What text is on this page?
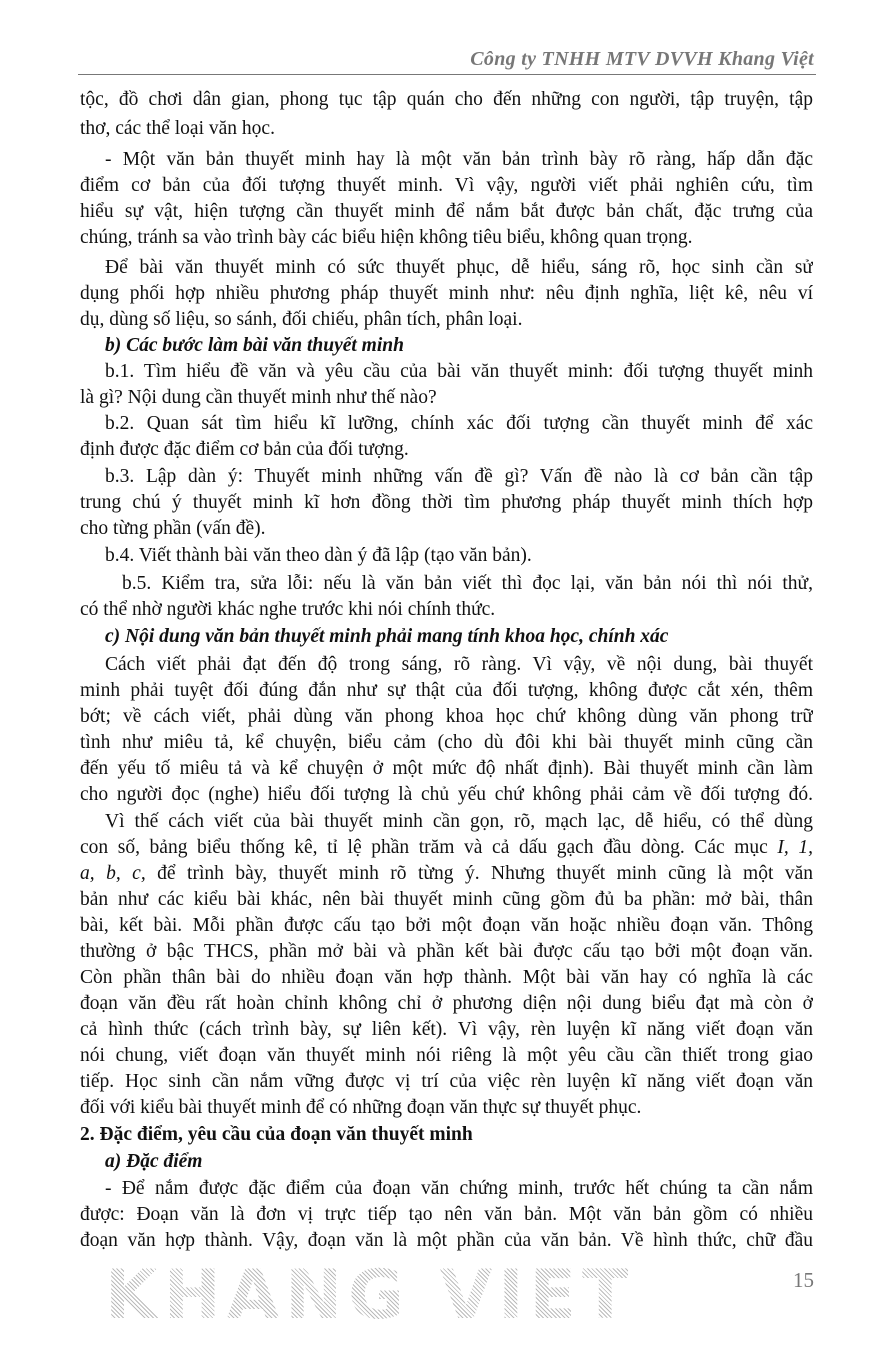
Công ty TNHH MTV DVVH Khang Việt
tộc, đồ chơi dân gian, phong tục tập quán cho đến những con người, tập truyện, tập
thơ, các thể loại văn học.
- Một văn bản thuyết minh hay là một văn bản trình bày rõ ràng, hấp dẫn đặc
điểm cơ bản của đối tượng thuyết minh. Vì vậy, người viết phải nghiên cứu, tìm
hiểu sự vật, hiện tượng cần thuyết minh để nắm bắt được bản chất, đặc trưng của
chúng, tránh sa vào trình bày các biểu hiện không tiêu biểu, không quan trọng.
Để bài văn thuyết minh có sức thuyết phục, dễ hiểu, sáng rõ, học sinh cần sử
dụng phối hợp nhiều phương pháp thuyết minh như: nêu định nghĩa, liệt kê, nêu ví
dụ, dùng số liệu, so sánh, đối chiếu, phân tích, phân loại.
b) Các bước làm bài văn thuyết minh
b.1. Tìm hiểu đề văn và yêu cầu của bài văn thuyết minh: đối tượng thuyết minh
là gì? Nội dung cần thuyết minh như thế nào?
b.2. Quan sát tìm hiểu kĩ lưỡng, chính xác đối tượng cần thuyết minh để xác
định được đặc điểm cơ bản của đối tượng.
b.3. Lập dàn ý: Thuyết minh những vấn đề gì? Vấn đề nào là cơ bản cần tập
trung chú ý thuyết minh kĩ hơn đồng thời tìm phương pháp thuyết minh thích hợp
cho từng phần (vấn đề).
b.4. Viết thành bài văn theo dàn ý đã lập (tạo văn bản).
b.5. Kiểm tra, sửa lỗi: nếu là văn bản viết thì đọc lại, văn bản nói thì nói thử,
có thể nhờ người khác nghe trước khi nói chính thức.
c) Nội dung văn bản thuyết minh phải mang tính khoa học, chính xác
Cách viết phải đạt đến độ trong sáng, rõ ràng. Vì vậy, về nội dung, bài thuyết
minh phải tuyệt đối đúng đắn như sự thật của đối tượng, không được cắt xén, thêm
bớt; về cách viết, phải dùng văn phong khoa học chứ không dùng văn phong trữ
tình như miêu tả, kể chuyện, biểu cảm (cho dù đôi khi bài thuyết minh cũng cần
đến yếu tố miêu tả và kể chuyện ở một mức độ nhất định). Bài thuyết minh cần làm
cho người đọc (nghe) hiểu đối tượng là chủ yếu chứ không phải cảm về đối tượng đó.
Vì thế cách viết của bài thuyết minh cần gọn, rõ, mạch lạc, dễ hiểu, có thể dùng
con số, bảng biểu thống kê, tỉ lệ phần trăm và cả dấu gạch đầu dòng. Các mục I, 1,
a, b, c, để trình bày, thuyết minh rõ từng ý. Nhưng thuyết minh cũng là một văn
bản như các kiểu bài khác, nên bài thuyết minh cũng gồm đủ ba phần: mở bài, thân
bài, kết bài. Mỗi phần được cấu tạo bởi một đoạn văn hoặc nhiều đoạn văn. Thông
thường ở bậc THCS, phần mở bài và phần kết bài được cấu tạo bởi một đoạn văn.
Còn phần thân bài do nhiều đoạn văn hợp thành. Một bài văn hay có nghĩa là các
đoạn văn đều rất hoàn chỉnh không chỉ ở phương diện nội dung biểu đạt mà còn ở
cả hình thức (cách trình bày, sự liên kết). Vì vậy, rèn luyện kĩ năng viết đoạn văn
nói chung, viết đoạn văn thuyết minh nói riêng là một yêu cầu cần thiết trong giao
tiếp. Học sinh cần nắm vững được vị trí của việc rèn luyện kĩ năng viết đoạn văn
đối với kiểu bài thuyết minh để có những đoạn văn thực sự thuyết phục.
2. Đặc điểm, yêu cầu của đoạn văn thuyết minh
a) Đặc điểm
- Để nắm được đặc điểm của đoạn văn chứng minh, trước hết chúng ta cần nắm
được: Đoạn văn là đơn vị trực tiếp tạo nên văn bản. Một văn bản gồm có nhiều
đoạn văn hợp thành. Vậy, đoạn văn là một phần của văn bản. Về hình thức, chữ đầu
KHANG VIET	15
